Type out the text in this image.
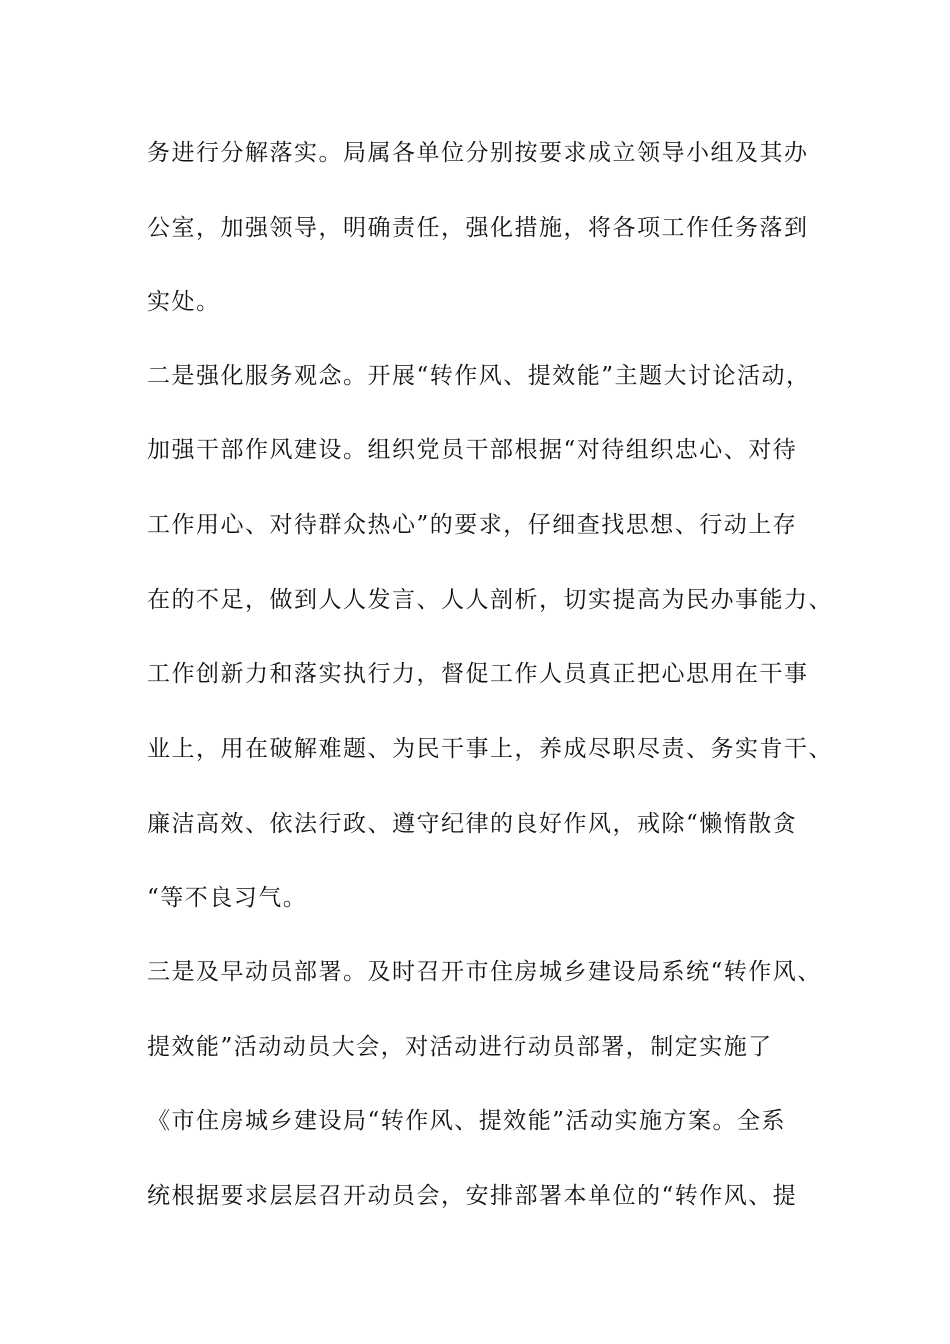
务进行分解落实。局属各单位分别按要求成立领导小组及其办
公室，加强领导，明确责任，强化措施，将各项工作任务落到
实处。
二是强化服务观念。开展“转作风、提效能”主题大讨论活动，
加强干部作风建设。组织党员干部根据“对待组织忠心、对待
工作用心、对待群众热心”的要求，仔细查找思想、行动上存
在的不足，做到人人发言、人人剖析，切实提高为民办事能力、
工作创新力和落实执行力，督促工作人员真正把心思用在干事
业上，用在破解难题、为民干事上，养成尽职尽责、务实肯干、
廉洁高效、依法行政、遵守纪律的良好作风，戒除“懒惰散贪
“等不良习气。
三是及早动员部署。及时召开市住房城乡建设局系统“转作风、
提效能”活动动员大会，对活动进行动员部署，制定实施了
《市住房城乡建设局“转作风、提效能”活动实施方案。全系
统根据要求层层召开动员会，安排部署本单位的“转作风、提
